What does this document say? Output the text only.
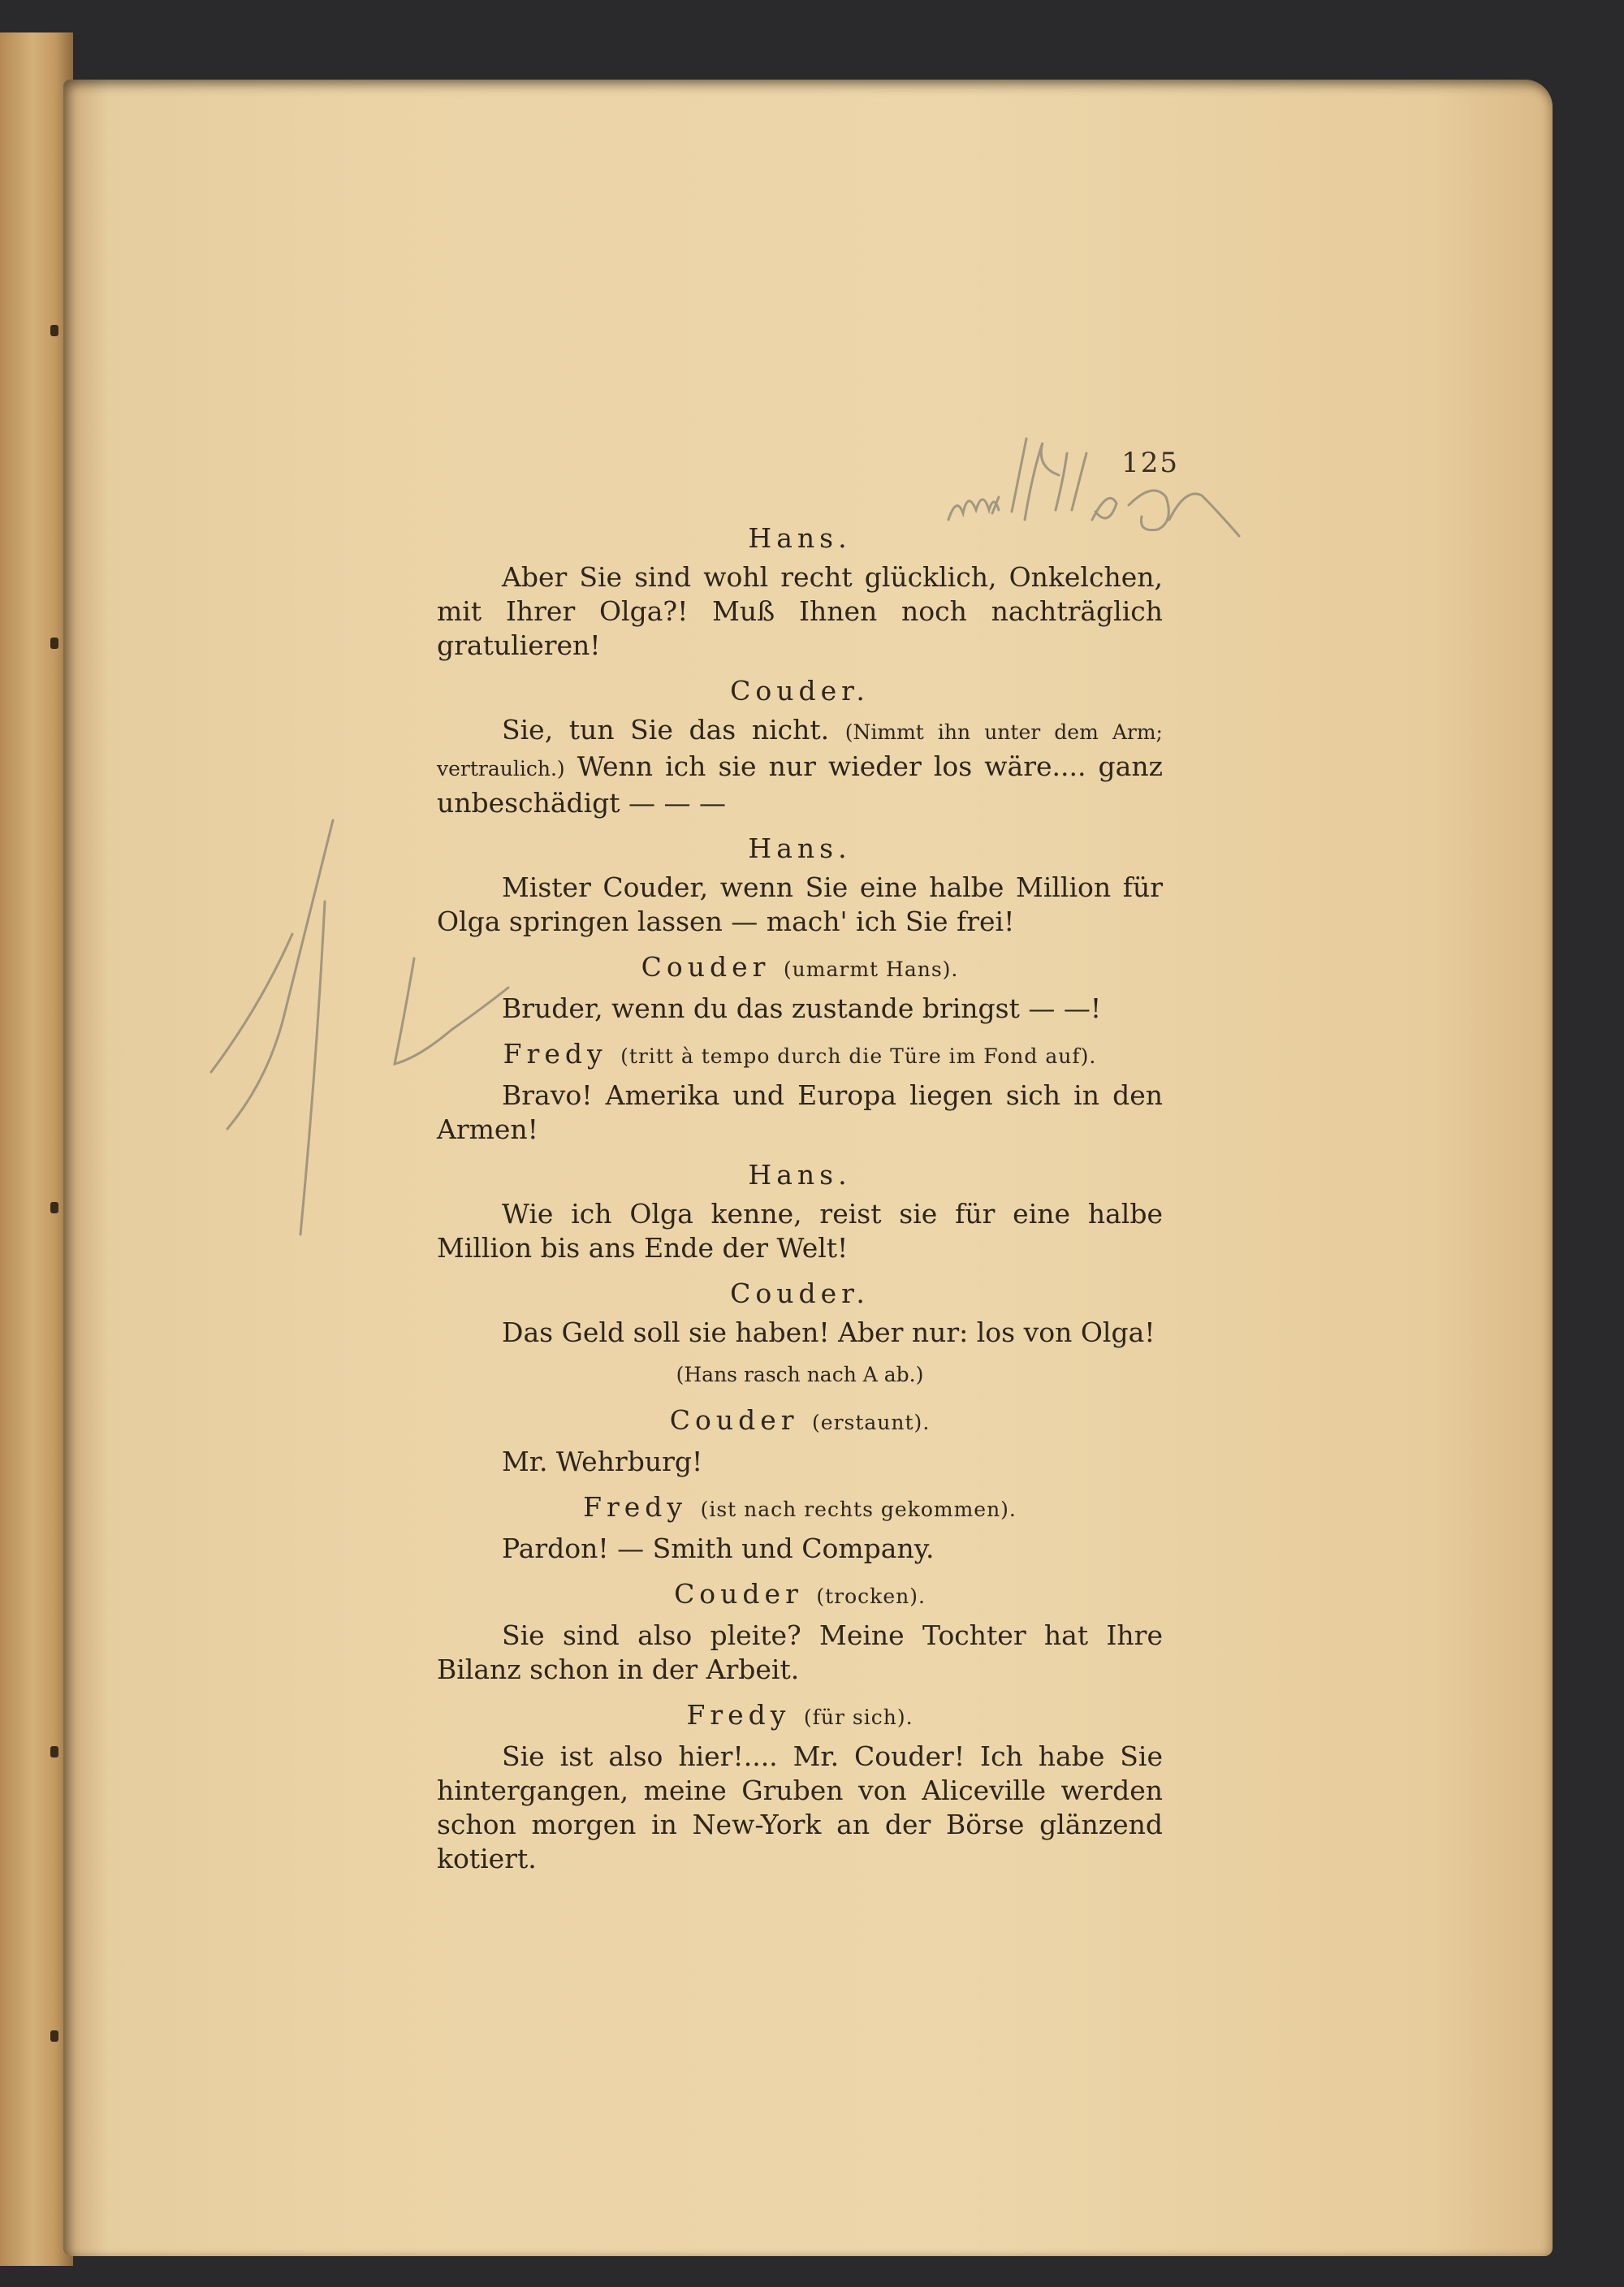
125
Hans.

Aber Sie sind wohl recht glücklich, Onkelchen, mit Ihrer Olga?! Muß Ihnen noch nachträglich gratulieren!

Couder.

Sie, tun Sie das nicht. (Nimmt ihn unter dem Arm; vertraulich.) Wenn ich sie nur wieder los wäre.... ganz unbeschädigt — — —

Hans.

Mister Couder, wenn Sie eine halbe Million für Olga springen lassen — mach' ich Sie frei!

Couder (umarmt Hans).

Bruder, wenn du das zustande bringst — —!

Fredy (tritt à tempo durch die Türe im Fond auf).

Bravo! Amerika und Europa liegen sich in den Armen!

Hans.

Wie ich Olga kenne, reist sie für eine halbe Million bis ans Ende der Welt!

Couder.

Das Geld soll sie haben! Aber nur: los von Olga!

(Hans rasch nach A ab.)
Couder (erstaunt).

Mr. Wehrburg!

Fredy (ist nach rechts gekommen).

Pardon! — Smith und Company.

Couder (trocken).

Sie sind also pleite? Meine Tochter hat Ihre Bilanz schon in der Arbeit.

Fredy (für sich).

Sie ist also hier!.... Mr. Couder! Ich habe Sie hintergangen, meine Gruben von Aliceville werden schon morgen in New-York an der Börse glänzend kotiert.
